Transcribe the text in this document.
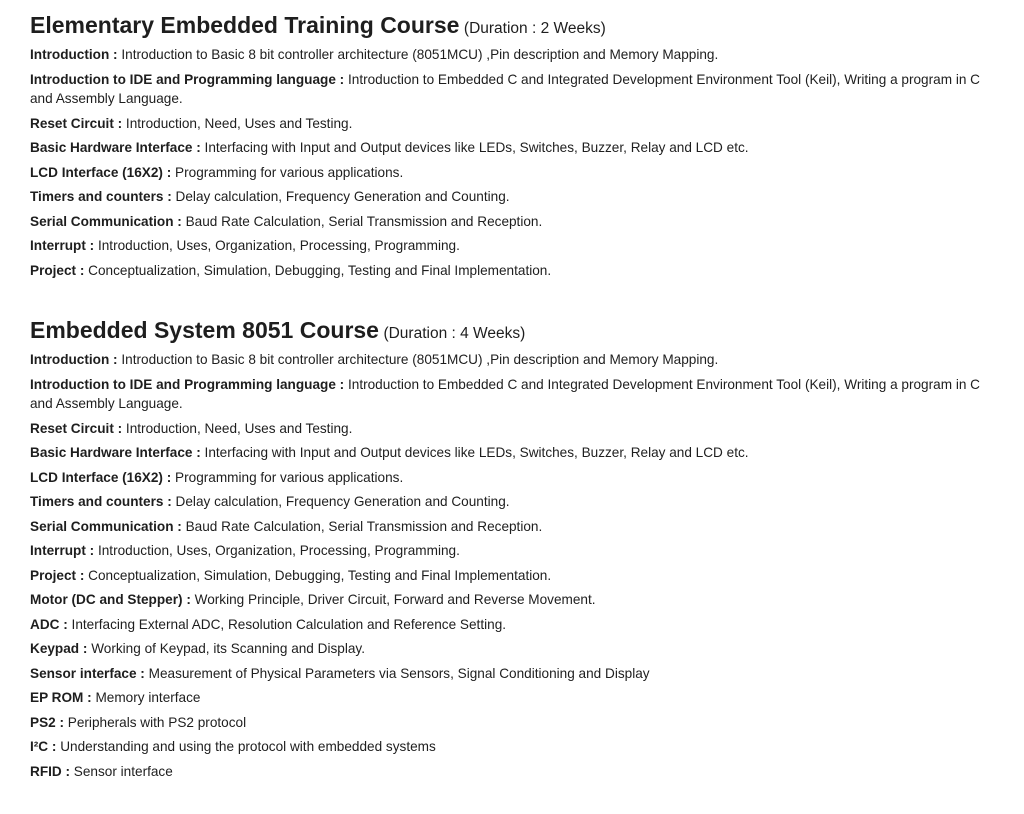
Elementary Embedded Training Course (Duration : 2 Weeks)
Introduction : Introduction to Basic 8 bit controller architecture (8051MCU) ,Pin description and Memory Mapping.
Introduction to IDE and Programming language : Introduction to Embedded C and Integrated Development Environment Tool (Keil), Writing a program in C and Assembly Language.
Reset Circuit : Introduction, Need, Uses and Testing.
Basic Hardware Interface : Interfacing with Input and Output devices like LEDs, Switches, Buzzer, Relay and LCD etc.
LCD Interface (16X2) : Programming for various applications.
Timers and counters : Delay calculation, Frequency Generation and Counting.
Serial Communication : Baud Rate Calculation, Serial Transmission and Reception.
Interrupt : Introduction, Uses, Organization, Processing, Programming.
Project : Conceptualization, Simulation, Debugging, Testing and Final Implementation.
Embedded System 8051 Course (Duration : 4 Weeks)
Introduction : Introduction to Basic 8 bit controller architecture (8051MCU) ,Pin description and Memory Mapping.
Introduction to IDE and Programming language : Introduction to Embedded C and Integrated Development Environment Tool (Keil), Writing a program in C and Assembly Language.
Reset Circuit : Introduction, Need, Uses and Testing.
Basic Hardware Interface : Interfacing with Input and Output devices like LEDs, Switches, Buzzer, Relay and LCD etc.
LCD Interface (16X2) : Programming for various applications.
Timers and counters : Delay calculation, Frequency Generation and Counting.
Serial Communication : Baud Rate Calculation, Serial Transmission and Reception.
Interrupt : Introduction, Uses, Organization, Processing, Programming.
Project : Conceptualization, Simulation, Debugging, Testing and Final Implementation.
Motor (DC and Stepper) : Working Principle, Driver Circuit, Forward and Reverse Movement.
ADC : Interfacing External ADC, Resolution Calculation and Reference Setting.
Keypad : Working of Keypad, its Scanning and Display.
Sensor interface : Measurement of Physical Parameters via Sensors, Signal Conditioning and Display
EP ROM : Memory interface
PS2 : Peripherals with PS2 protocol
I²C : Understanding and using the protocol with embedded systems
RFID : Sensor interface
